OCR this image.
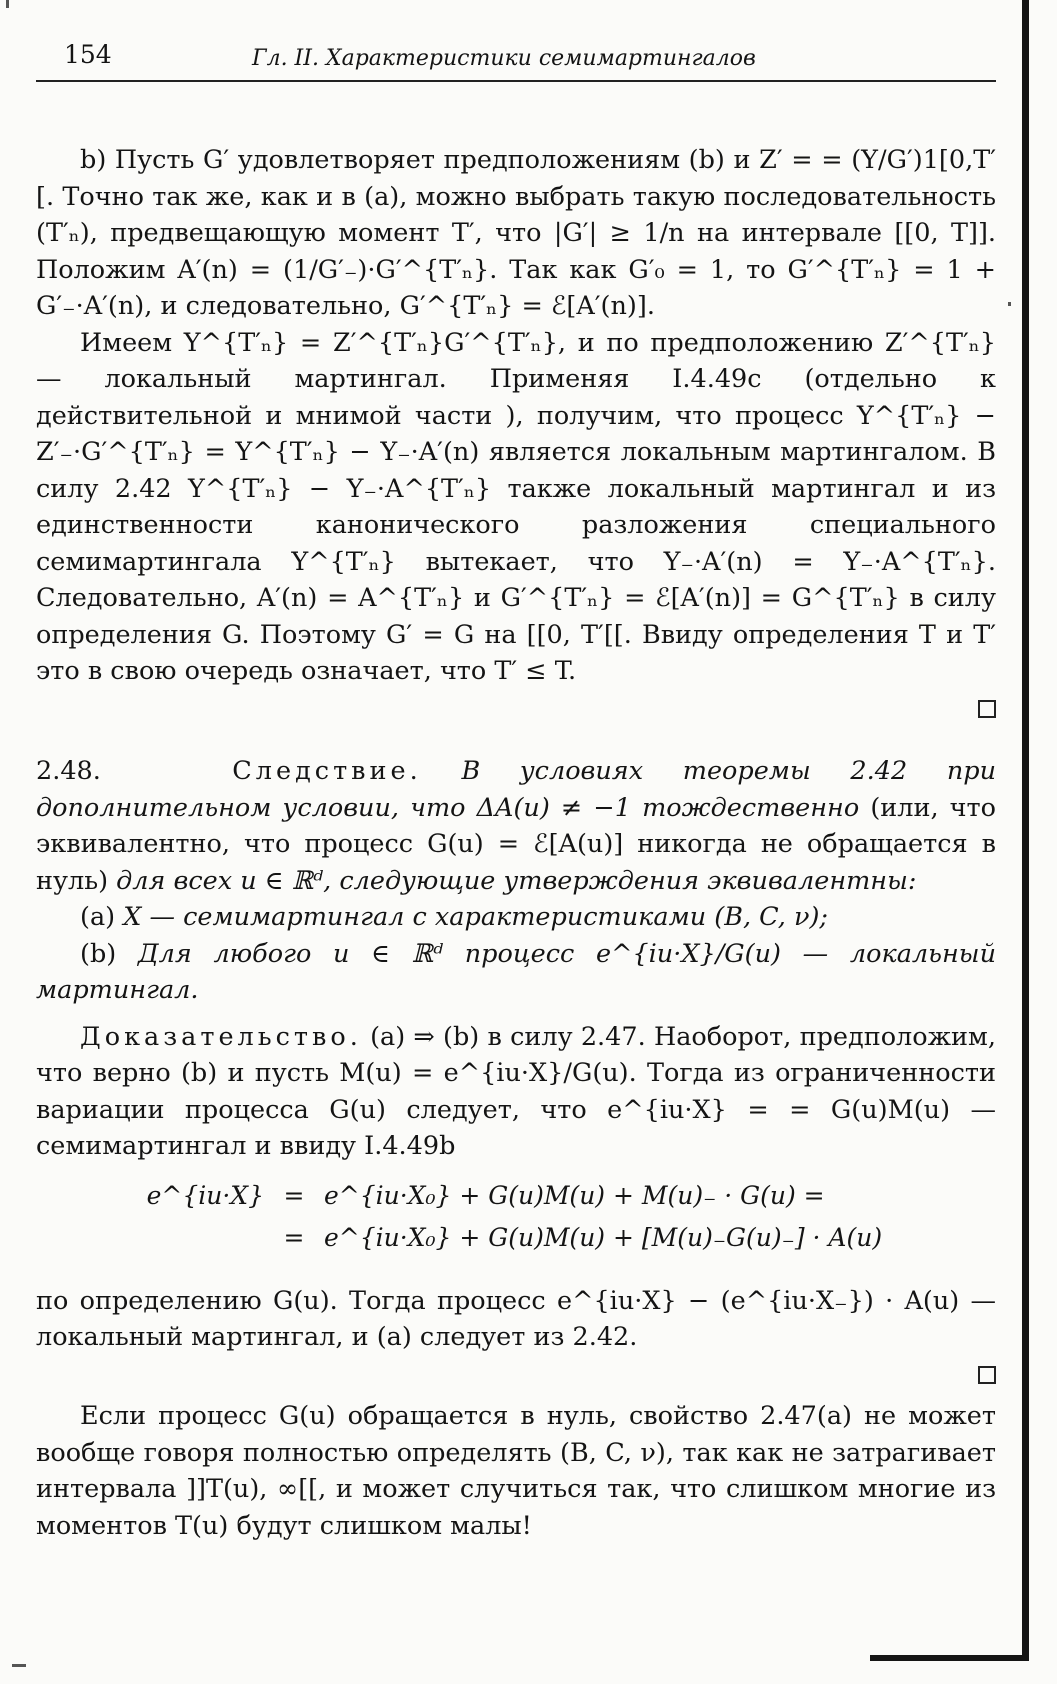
154	Гл. II. Характеристики семимартингалов

b) Пусть G′ удовлетворяет предположениям (b) и Z′ = = (Y/G′)1[0,T′[. Точно так же, как и в (a), можно выбрать такую последовательность (T′ₙ), предвещающую момент T′, что |G′| ≥ 1/n на интервале [[0, T]]. Положим A′(n) = (1/G′₋)·G′^{T′ₙ}. Так как G′₀ = 1, то G′^{T′ₙ} = 1 + G′₋·A′(n), и следовательно, G′^{T′ₙ} = ℰ[A′(n)].

Имеем Y^{T′ₙ} = Z′^{T′ₙ}G′^{T′ₙ}, и по предположению Z′^{T′ₙ} — локальный мартингал. Применяя I.4.49c (отдельно к действительной и мнимой части ), получим, что процесс Y^{T′ₙ} − Z′₋·G′^{T′ₙ} = Y^{T′ₙ} − Y₋·A′(n) является локальным мартингалом. В силу 2.42 Y^{T′ₙ} − Y₋·A^{T′ₙ} также локальный мартингал и из единственности канонического разложения специального семимартингала Y^{T′ₙ} вытекает, что Y₋·A′(n) = Y₋·A^{T′ₙ}. Следовательно, A′(n) = A^{T′ₙ} и G′^{T′ₙ} = ℰ[A′(n)] = G^{T′ₙ} в силу определения G. Поэтому G′ = G на [[0, T′[[. Ввиду определения T и T′ это в свою очередь означает, что T′ ≤ T.

2.48.	Следствие. В условиях теоремы 2.42 при дополнительном условии, что ΔA(u) ≠ −1 тождественно (или, что эквивалентно, что процесс G(u) = ℰ[A(u)] никогда не обращается в нуль) для всех u ∈ ℝᵈ, следующие утверждения эквивалентны:

(a) X — семимартингал с характеристиками (B, C, ν);

(b) Для любого u ∈ ℝᵈ процесс e^{iu·X}/G(u) — локальный мартингал.

Доказательство. (a) ⇒ (b) в силу 2.47. Наоборот, предположим, что верно (b) и пусть M(u) = e^{iu·X}/G(u). Тогда из ограниченности вариации процесса G(u) следует, что e^{iu·X} = = G(u)M(u) — семимартингал и ввиду I.4.49b

e^{iu·X} = e^{iu·X₀} + G(u)M(u) + M(u)₋ · G(u) =
= e^{iu·X₀} + G(u)M(u) + [M(u)₋G(u)₋] · A(u)

по определению G(u). Тогда процесс e^{iu·X} − (e^{iu·X₋}) · A(u) — локальный мартингал, и (a) следует из 2.42.

Если процесс G(u) обращается в нуль, свойство 2.47(a) не может вообще говоря полностью определять (B, C, ν), так как не затрагивает интервала ]]T(u), ∞[[, и может случиться так, что слишком многие из моментов T(u) будут слишком малы!
